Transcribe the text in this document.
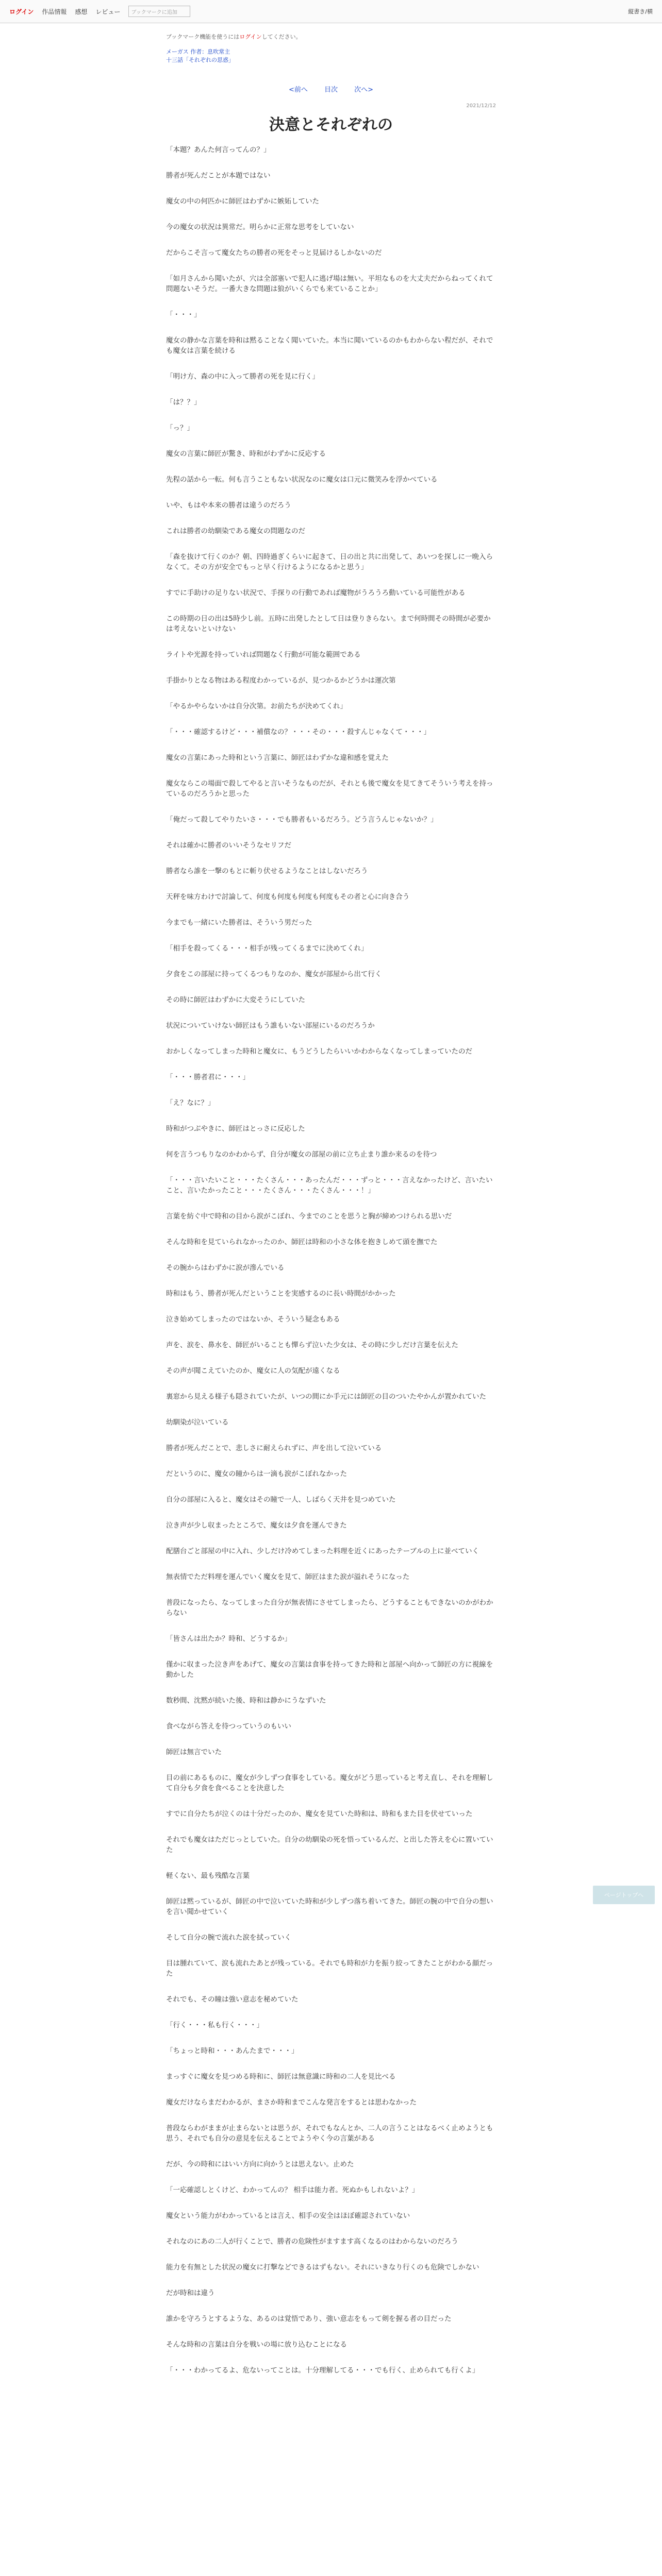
ログイン 作品情報 感想 レビュー	ブックマークに追加	縦書き/横
ブックマーク機能を使うにはログインしてください。
メーガス 作者：息吹常主
十三話「それぞれの思惑」
<前へ 目次 次へ>
2021/12/12
決意とそれぞれの

「本題？あんた何言ってんの？」

勝者が死んだことが本題ではない

魔女の中の何匹かに師匠はわずかに嫉妬していた

今の魔女の状況は異常だ。明らかに正常な思考をしていない

だからこそ言って魔女たちの勝者の死をそっと見届けるしかないのだ

「如月さんから聞いたが、穴は全部塞いで犯人に逃げ場は無い。平坦なものを大丈夫だからねってくれて問題ないそうだ。一番大きな問題は狼がいくらでも来ていることか」

「・・・」

魔女の静かな言葉を時和は黙ることなく聞いていた。本当に聞いているのかもわからない程だが、それでも魔女は言葉を続ける

「明け方、森の中に入って勝者の死を見に行く」

「は？？」

「っ？」

魔女の言葉に師匠が驚き、時和がわずかに反応する

先程の話から一転。何も言うこともない状況なのに魔女は口元に微笑みを浮かべている

いや、もはや本来の勝者は違うのだろう

これは勝者の幼馴染である魔女の問題なのだ

「森を抜けて行くのか？朝、四時過ぎくらいに起きて、日の出と共に出発して、あいつを探しに一晩入らなくて。その方が安全でもっと早く行けるようになるかと思う」

すでに手助けの足りない状況で、手探りの行動であれば魔物がうろうろ動いている可能性がある

この時期の日の出は5時少し前。五時に出発したとして日は登りきらない。まで何時間その時間が必要かは考えないといけない

ライトや光源を持っていれば問題なく行動が可能な範囲である

手掛かりとなる物はある程度わかっているが、見つかるかどうかは運次第

「やるかやらないかは自分次第。お前たちが決めてくれ」

「・・・確認するけど・・・補償なの？・・・その・・・殺すんじゃなくて・・・」

魔女の言葉にあった時和という言葉に、師匠はわずかな違和感を覚えた

魔女ならこの場面で殺してやると言いそうなものだが、それとも後で魔女を見てきてそういう考えを持っているのだろうかと思った

「俺だって殺してやりたいさ・・・でも勝者もいるだろう。どう言うんじゃないか？」

それは確かに勝者のいいそうなセリフだ

勝者なら誰を一撃のもとに斬り伏せるようなことはしないだろう

天秤を味方わけで討論して、何度も何度も何度も何度もその者と心に向き合う

今までも一緒にいた勝者は、そういう男だった

「相手を殺ってくる・・・相手が残ってくるまでに決めてくれ」

夕食をこの部屋に持ってくるつもりなのか、魔女が部屋から出て行く

その時に師匠はわずかに大変そうにしていた

状況についていけない師匠はもう誰もいない部屋にいるのだろうか

おかしくなってしまった時和と魔女に、もうどうしたらいいかわからなくなってしまっていたのだ

「・・・勝者君に・・・」

「え？なに？」

時和がつぶやきに、師匠はとっさに反応した

何を言うつもりなのかわからず、自分が魔女の部屋の前に立ち止まり誰か来るのを待つ

「・・・言いたいこと・・・たくさん・・・あったんだ・・・ずっと・・・言えなかったけど、言いたいこと、言いたかったこと・・・たくさん・・・たくさん・・・！」

言葉を紡ぐ中で時和の目から涙がこぼれ、今までのことを思うと胸が締めつけられる思いだ

そんな時和を見ていられなかったのか、師匠は時和の小さな体を抱きしめて頭を撫でた

その腕からはわずかに涙が滲んでいる

時和はもう、勝者が死んだということを実感するのに長い時間がかかった

泣き始めてしまったのではないか、そういう疑念もある

声を、涙を、鼻水を、師匠がいることも憚らず泣いた少女は、その時に少しだけ言葉を伝えた

その声が聞こえていたのか、魔女に人の気配が遠くなる

裏窓から見える様子も隠されていたが、いつの間にか手元には師匠の目のついたやかんが置かれていた

幼馴染が泣いている

勝者が死んだことで、悲しさに耐えられずに、声を出して泣いている

だというのに、魔女の瞳からは一滴も涙がこぼれなかった

自分の部屋に入ると、魔女はその瞳で一人、しばらく天井を見つめていた

泣き声が少し収まったところで、魔女は夕食を運んできた

配膳台ごと部屋の中に入れ、少しだけ冷めてしまった料理を近くにあったテーブルの上に並べていく

無表情でただ料理を運んでいく魔女を見て、師匠はまた涙が溢れそうになった

普段になったら、なってしまった自分が無表情にさせてしまったら、どうすることもできないのかがわからない

「皆さんは出たか？時和、どうするか」

僅かに収まった泣き声をあげて、魔女の言葉は食事を持ってきた時和と部屋へ向かって師匠の方に視線を動かした

数秒間、沈黙が続いた後、時和は静かにうなずいた

食べながら答えを待つっていうのもいい

師匠は無言でいた

目の前にあるものに、魔女が少しずつ食事をしている。魔女がどう思っていると考え直し、それを理解して自分も夕食を食べることを決意した

すでに自分たちが泣くのは十分だったのか、魔女を見ていた時和は、時和もまた目を伏せていった

それでも魔女はただじっとしていた。自分の幼馴染の死を悟っているんだ、と出した答えを心に置いていた

軽くない、最も残酷な言葉

師匠は黙っているが、師匠の中で泣いていた時和が少しずつ落ち着いてきた。師匠の腕の中で自分の想いを言い聞かせていく

そして自分の腕で流れた涙を拭っていく

目は腫れていて、涙も流れたあとが残っている。それでも時和が力を振り絞ってきたことがわかる顔だった

それでも、その瞳は強い意志を秘めていた

「行く・・・私も行く・・・」

「ちょっと時和・・・あんたまで・・・」

まっすぐに魔女を見つめる時和に、師匠は無意識に時和の二人を見比べる

魔女だけならまだわかるが、まさか時和までこんな発言をするとは思わなかった

普段ならわがままが止まらないとは思うが、それでもなんとか、二人の言うことはなるべく止めようとも思う、それでも自分の意見を伝えることでようやく今の言葉がある

だが、今の時和にはいい方向に向かうとは思えない。止めた

「一応確認しとくけど、わかってんの？ 相手は能力者。死ぬかもしれないよ？」

魔女という能力がわかっているとは言え、相手の安全はほぼ確認されていない

それなのにあの二人が行くことで、勝者の危険性がますます高くなるのはわからないのだろう

能力を有無とした状況の魔女に打撃などできるはずもない。それにいきなり行くのも危険でしかない

だが時和は違う

誰かを守ろうとするような、あるのは覚悟であり、強い意志をもって剣を握る者の目だった

そんな時和の言葉は自分を戦いの場に放り込むことになる

「・・・わかってるよ、危ないってことは。十分理解してる・・・でも行く、止められても行くよ」

ページトップへ
